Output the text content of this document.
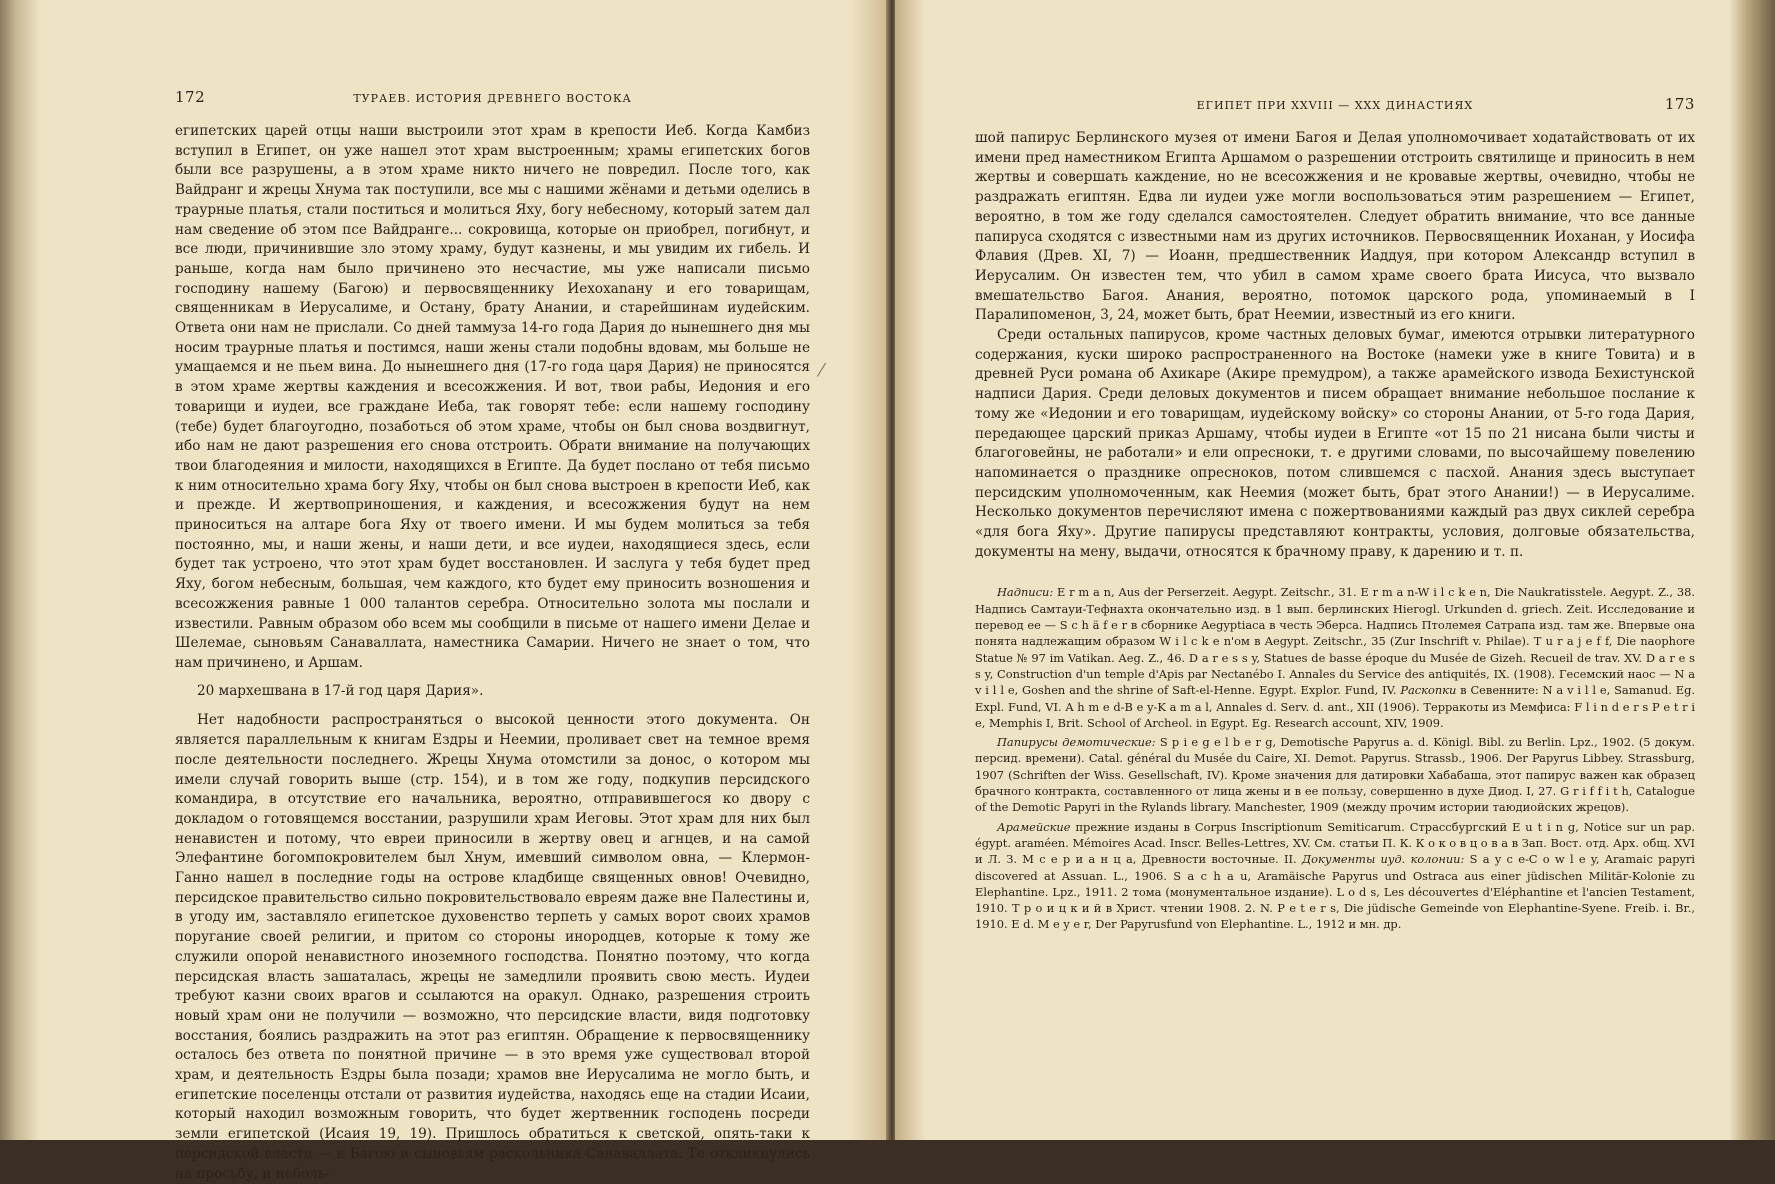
172	ТУРАЕВ. ИСТОРИЯ ДРЕВНЕГО ВОСТОКА

египетских царей отцы наши выстроили этот храм в крепости Иеб. Когда Камбиз вступил в Египет, он уже нашел этот храм выстроенным; храмы египетских богов были все разрушены, а в этом храме никто ничего не повредил. После того, как Вайдранг и жрецы Хнума так поступили, все мы с нашими жёнами и детьми оделись в траурные платья, стали поститься и молиться Яху, богу небесному, который затем дал нам сведение об этом псе Вайдранге... сокровища, которые он приобрел, погибнут, и все люди, причинившие зло этому храму, будут казнены, и мы увидим их гибель. И раньше, когда нам было причинено это несчастие, мы уже написали письмо господину нашему (Багою) и первосвященнику Иехохanану и его товарищам, священникам в Иерусалиме, и Остану, брату Анании, и старейшинам иудейским. Ответа они нам не прислали. Со дней таммуза 14-го года Дария до нынешнего дня мы носим траурные платья и постимся, наши жены стали подобны вдовам, мы больше не умащаемся и не пьем вина. До нынешнего дня (17-го года царя Дария) не приносятся в этом храме жертвы каждения и всесожжения. И вот, твои рабы, Иедония и его товарищи и иудеи, все граждане Иеба, так говорят тебе: если нашему господину (тебе) будет благоугодно, позаботься об этом храме, чтобы он был снова воздвигнут, ибо нам не дают разрешения его снова отстроить. Обрати внимание на получающих твои благодеяния и милости, находящихся в Египте. Да будет послано от тебя письмо к ним относительно храма богу Яху, чтобы он был снова выстроен в крепости Иеб, как и прежде. И жертвоприношения, и каждения, и всесожжения будут на нем приноситься на алтаре бога Яху от твоего имени. И мы будем молиться за тебя постоянно, мы, и наши жены, и наши дети, и все иудеи, находящиеся здесь, если будет так устроено, что этот храм будет восстановлен. И заслуга у тебя будет пред Яху, богом небесным, большая, чем каждого, кто будет ему приносить возношения и всесожжения равные 1 000 талантов серебра. Относительно золота мы послали и известили. Равным образом обо всем мы сообщили в письме от нашего имени Делае и Шелемае, сыновьям Санаваллата, наместника Самарии. Ничего не знает о том, что нам причинено, и Аршам.

20 мархешвана в 17-й год царя Дария».

Нет надобности распространяться о высокой ценности этого документа. Он является параллельным к книгам Ездры и Неемии, проливает свет на темное время после деятельности последнего. Жрецы Хнума отомстили за донос, о котором мы имели случай говорить выше (стр. 154), и в том же году, подкупив персидского командира, в отсутствие его начальника, вероятно, отправившегося ко двору с докладом о готовящемся восстании, разрушили храм Иеговы. Этот храм для них был ненавистен и потому, что евреи приносили в жертву овец и агнцев, и на самой Элефантине богомпокровителем был Хнум, имевший символом овна, — Клермон-Ганно нашел в последние годы на острове кладбище священных овнов! Очевидно, персидское правительство сильно покровительствовало евреям даже вне Палестины и, в угоду им, заставляло египетское духовенство терпеть у самых ворот своих храмов поругание своей религии, и притом со стороны инородцев, которые к тому же служили опорой ненавистного иноземного господства. Понятно поэтому, что когда персидская власть зашаталась, жрецы не замедлили проявить свою месть. Иудеи требуют казни своих врагов и ссылаются на оракул. Однако, разрешения строить новый храм они не получили — возможно, что персидские власти, видя подготовку восстания, боялись раздражить на этот раз египтян. Обращение к первосвященнику осталось без ответа по понятной причине — в это время уже существовал второй храм, и деятельность Ездры была позади; храмов вне Иерусалима не могло быть, и египетские поселенцы отстали от развития иудейства, находясь еще на стадии Исаии, который находил возможным говорить, что будет жертвенник господень посреди земли египетской (Исаия 19, 19). Пришлось обратиться к светской, опять-таки к персидской власти — к Багою и сыновьям раскольника Санаваллата. Те откликнулись на просьбу, и неболь-

⁄
ЕГИПЕТ ПРИ XXVIII — XXX ДИНАСТИЯХ	173

шой папирус Берлинского музея от имени Багоя и Делая уполномочивает ходатайствовать от их имени пред наместником Египта Аршамом о разрешении отстроить святилище и приносить в нем жертвы и совершать каждение, но не всесожжения и не кровавые жертвы, очевидно, чтобы не раздражать египтян. Едва ли иудеи уже могли воспользоваться этим разрешением — Египет, вероятно, в том же году сделался самостоятелен. Следует обратить внимание, что все данные папируса сходятся с известными нам из других источников. Первосвященник Иоханан, у Иосифа Флавия (Древ. XI, 7) — Иоанн, предшественник Иаддуя, при котором Александр вступил в Иерусалим. Он известен тем, что убил в самом храме своего брата Иисуса, что вызвало вмешательство Багоя. Анания, вероятно, потомок царского рода, упоминаемый в I Паралипоменон, 3, 24, может быть, брат Неемии, известный из его книги.

Среди остальных папирусов, кроме частных деловых бумаг, имеются отрывки литературного содержания, куски широко распространенного на Востоке (намеки уже в книге Товита) и в древней Руси романа об Ахикаре (Акире премудром), а также арамейского извода Бехистунской надписи Дария. Среди деловых документов и писем обращает внимание небольшое послание к тому же «Иедонии и его товарищам, иудейскому войску» со стороны Анании, от 5-го года Дария, передающее царский приказ Аршаму, чтобы иудеи в Египте «от 15 по 21 нисана были чисты и благоговейны, не работали» и ели опресноки, т. е другими словами, по высочайшему повелению напоминается о празднике опресноков, потом слившемся с пасхой. Анания здесь выступает персидским уполномоченным, как Неемия (может быть, брат этого Анании!) — в Иерусалиме. Несколько документов перечисляют имена с пожертвованиями каждый раз двух сиклей серебра «для бога Яху». Другие папирусы представляют контракты, условия, долговые обязательства, документы на мену, выдачи, относятся к брачному праву, к дарению и т. п.

Надписи: E r m a n, Aus der Perserzeit. Aegypt. Zeitschr., 31. E r m a n-W i l c k e n, Die Naukratisstele. Aegypt. Z., 38. Надпись Самтауи-Тефнахта окончательно изд. в 1 вып. берлинских Hierogl. Urkunden d. griech. Zeit. Исследование и перевод ее — S c h ä f e r в сборнике Aegyptiaca в честь Эберса. Надпись Птолемея Сатрапа изд. там же. Впервые она понята надлежащим образом W i l c k e n'ом в Aegypt. Zeitschr., 35 (Zur Inschrift v. Philae). T u r a j e f f, Die naophore Statue № 97 im Vatikan. Aeg. Z., 46. D a r e s s y, Statues de basse époque du Musée de Gizeh. Recueil de trav. XV. D a r e s s y, Construction d'un temple d'Apis par Nectanébo I. Annales du Service des antiquités, IX. (1908). Гесемский наос — N a v i l l e, Goshen and the shrine of Saft-el-Henne. Egypt. Explor. Fund, IV. Раскопки в Севенните: N a v i l l e, Samanud. Eg. Expl. Fund, VI. A h m e d-B e y-K a m a l, Annales d. Serv. d. ant., XII (1906). Терракоты из Мемфиса: F l i n d e r s P e t r i e, Memphis I, Brit. School of Archeol. in Egypt. Eg. Research account, XIV, 1909.

Папирусы демотические: S p i e g e l b e r g, Demotische Papyrus a. d. Königl. Bibl. zu Berlin. Lpz., 1902. (5 докум. персид. времени). Catal. général du Musée du Caire, XI. Demot. Papyrus. Strassb., 1906. Der Papyrus Libbey. Strassburg, 1907 (Schriften der Wiss. Gesellschaft, IV). Кроме значения для датировки Хабабаша, этот папирус важен как образец брачного контракта, составленного от лица жены и в ее пользу, совершенно в духе Диод. I, 27. G r i f f i t h, Catalogue of the Demotic Papyri in the Rylands library. Manchester, 1909 (между прочим истории таюдиойских жрецов).

Арамейские прежние изданы в Corpus Inscriptionum Semiticarum. Страссбургский E u t i n g, Notice sur un pap. égypt. araméen. Mémoires Acad. Inscr. Belles-Lettres, XV. См. статьи П. К. К о к о в ц о в а в Зап. Вост. отд. Арх. общ. XVI и Л. З. М с е р и а н ц а, Древности восточные. II. Документы иуд. колонии: S a y c e-C o w l e y, Aramaic papyri discovered at Assuan. L., 1906. S a c h a u, Aramäische Papyrus und Ostraca aus einer jüdischen Militär-Kolonie zu Elephantine. Lpz., 1911. 2 тома (монументальное издание). L o d s, Les découvertes d'Eléphantine et l'ancien Testament, 1910. Т р о и ц к и й в Христ. чтении 1908. 2. N. P e t e r s, Die jüdische Gemeinde von Elephantine-Syene. Freib. i. Br., 1910. E d. M e y e r, Der Papyrusfund von Elephantine. L., 1912 и мн. др.
